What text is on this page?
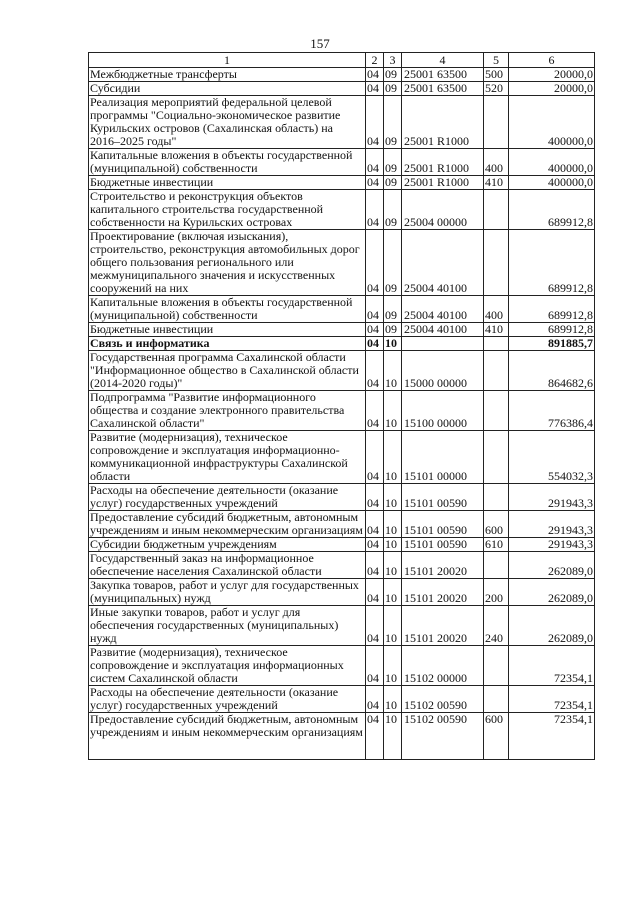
157
1	2	3	4	5	6
Межбюджетные трансферты	04	09	25001 63500	500	20000,0
Субсидии	04	09	25001 63500	520	20000,0
Реализация мероприятий федеральной целевой программы "Социально-экономическое развитие Курильских островов (Сахалинская область) на 2016–2025 годы"	04	09	25001 R1000		400000,0
Капитальные вложения в объекты государственной (муниципальной) собственности	04	09	25001 R1000	400	400000,0
Бюджетные инвестиции	04	09	25001 R1000	410	400000,0
Строительство и реконструкция объектов капитального строительства государственной собственности на Курильских островах	04	09	25004 00000		689912,8
Проектирование (включая изыскания), строительство, реконструкция автомобильных дорог общего пользования регионального или межмуниципального значения и искусственных сооружений на них	04	09	25004 40100		689912,8
Капитальные вложения в объекты государственной (муниципальной) собственности	04	09	25004 40100	400	689912,8
Бюджетные инвестиции	04	09	25004 40100	410	689912,8
Связь и информатика	04	10			891885,7
Государственная программа Сахалинской области "Информационное общество в Сахалинской области (2014-2020 годы)"	04	10	15000 00000		864682,6
Подпрограмма "Развитие информационного общества и создание электронного правительства Сахалинской области"	04	10	15100 00000		776386,4
Развитие (модернизация), техническое сопровождение и эксплуатация информационно-коммуникационной инфраструктуры Сахалинской области	04	10	15101 00000		554032,3
Расходы на обеспечение деятельности (оказание услуг) государственных учреждений	04	10	15101 00590		291943,3
Предоставление субсидий бюджетным, автономным учреждениям и иным некоммерческим организациям	04	10	15101 00590	600	291943,3
Субсидии бюджетным учреждениям	04	10	15101 00590	610	291943,3
Государственный заказ на информационное обеспечение населения Сахалинской области	04	10	15101 20020		262089,0
Закупка товаров, работ и услуг для государственных (муниципальных) нужд	04	10	15101 20020	200	262089,0
Иные закупки товаров, работ и услуг для обеспечения государственных (муниципальных) нужд	04	10	15101 20020	240	262089,0
Развитие (модернизация), техническое сопровождение и эксплуатация информационных систем Сахалинской области	04	10	15102 00000		72354,1
Расходы на обеспечение деятельности (оказание услуг) государственных учреждений	04	10	15102 00590		72354,1
Предоставление субсидий бюджетным, автономным учреждениям и иным некоммерческим организациям	04	10	15102 00590	600	72354,1
